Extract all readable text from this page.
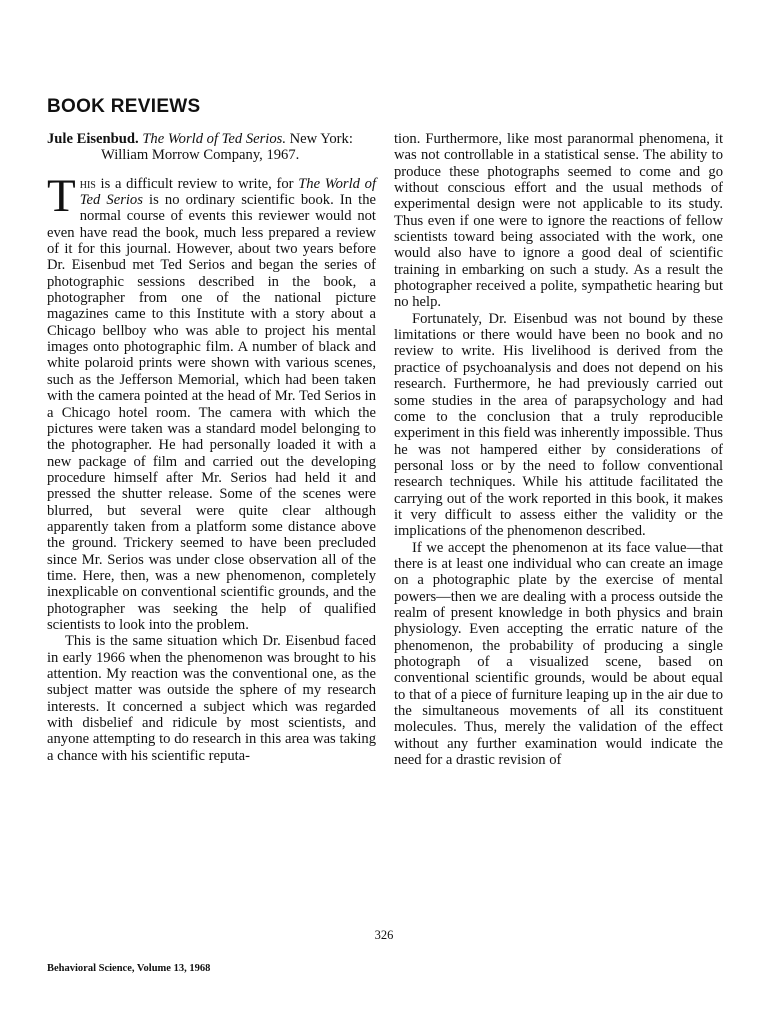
BOOK REVIEWS

Jule Eisenbud. The World of Ted Serios. New York: William Morrow Company, 1967.

This is a difficult review to write, for The World of Ted Serios is no ordinary scientific book. In the normal course of events this reviewer would not even have read the book, much less prepared a review of it for this journal. However, about two years before Dr. Eisenbud met Ted Serios and began the series of photographic sessions described in the book, a photographer from one of the national picture magazines came to this Institute with a story about a Chicago bellboy who was able to project his mental images onto photographic film. A number of black and white polaroid prints were shown with various scenes, such as the Jefferson Memorial, which had been taken with the camera pointed at the head of Mr. Ted Serios in a Chicago hotel room. The camera with which the pictures were taken was a standard model belonging to the photographer. He had personally loaded it with a new package of film and carried out the developing procedure himself after Mr. Serios had held it and pressed the shutter release. Some of the scenes were blurred, but several were quite clear although apparently taken from a platform some distance above the ground. Trickery seemed to have been precluded since Mr. Serios was under close observation all of the time. Here, then, was a new phenomenon, completely inexplicable on conventional scientific grounds, and the photographer was seeking the help of qualified scientists to look into the problem.

This is the same situation which Dr. Eisenbud faced in early 1966 when the phenomenon was brought to his attention. My reaction was the conventional one, as the subject matter was outside the sphere of my research interests. It concerned a subject which was regarded with disbelief and ridicule by most scientists, and anyone attempting to do research in this area was taking a chance with his scientific reputa-

tion. Furthermore, like most paranormal phenomena, it was not controllable in a statistical sense. The ability to produce these photographs seemed to come and go without conscious effort and the usual methods of experimental design were not applicable to its study. Thus even if one were to ignore the reactions of fellow scientists toward being associated with the work, one would also have to ignore a good deal of scientific training in embarking on such a study. As a result the photographer received a polite, sympathetic hearing but no help.

Fortunately, Dr. Eisenbud was not bound by these limitations or there would have been no book and no review to write. His livelihood is derived from the practice of psychoanalysis and does not depend on his research. Furthermore, he had previously carried out some studies in the area of parapsychology and had come to the conclusion that a truly reproducible experiment in this field was inherently impossible. Thus he was not hampered either by considerations of personal loss or by the need to follow conventional research techniques. While his attitude facilitated the carrying out of the work reported in this book, it makes it very difficult to assess either the validity or the implications of the phenomenon described.

If we accept the phenomenon at its face value—that there is at least one individual who can create an image on a photographic plate by the exercise of mental powers—then we are dealing with a process outside the realm of present knowledge in both physics and brain physiology. Even accepting the erratic nature of the phenomenon, the probability of producing a single photograph of a visualized scene, based on conventional scientific grounds, would be about equal to that of a piece of furniture leaping up in the air due to the simultaneous movements of all its constituent molecules. Thus, merely the validation of the effect without any further examination would indicate the need for a drastic revision of

326
Behavioral Science, Volume 13, 1968
